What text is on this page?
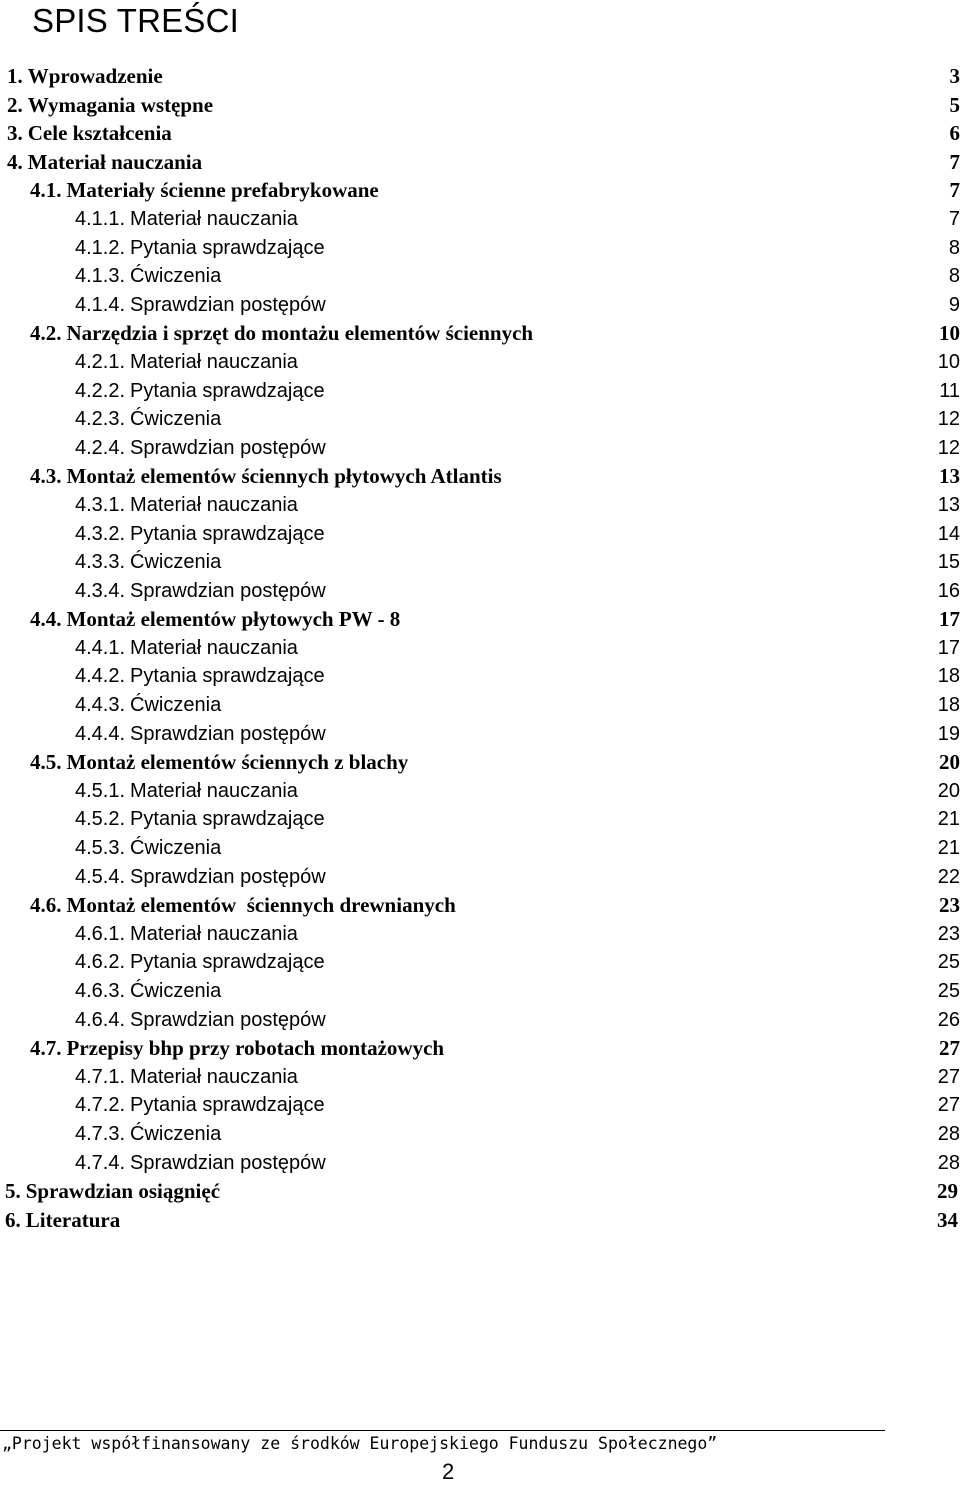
SPIS TREŚCI
1. Wprowadzenie	3
2. Wymagania wstępne	5
3. Cele kształcenia	6
4. Materiał nauczania	7
4.1. Materiały ścienne prefabrykowane	7
4.1.1. Materiał nauczania	7
4.1.2. Pytania sprawdzające	8
4.1.3. Ćwiczenia	8
4.1.4. Sprawdzian postępów	9
4.2. Narzędzia i sprzęt do montażu elementów ściennych	10
4.2.1. Materiał nauczania	10
4.2.2. Pytania sprawdzające	11
4.2.3. Ćwiczenia	12
4.2.4. Sprawdzian postępów	12
4.3. Montaż elementów ściennych płytowych Atlantis	13
4.3.1. Materiał nauczania	13
4.3.2. Pytania sprawdzające	14
4.3.3. Ćwiczenia	15
4.3.4. Sprawdzian postępów	16
4.4. Montaż elementów płytowych PW - 8	17
4.4.1. Materiał nauczania	17
4.4.2. Pytania sprawdzające	18
4.4.3. Ćwiczenia	18
4.4.4. Sprawdzian postępów	19
4.5. Montaż elementów ściennych z blachy	20
4.5.1. Materiał nauczania	20
4.5.2. Pytania sprawdzające	21
4.5.3. Ćwiczenia	21
4.5.4. Sprawdzian postępów	22
4.6. Montaż elementów  ściennych drewnianych	23
4.6.1. Materiał nauczania	23
4.6.2. Pytania sprawdzające	25
4.6.3. Ćwiczenia	25
4.6.4. Sprawdzian postępów	26
4.7. Przepisy bhp przy robotach montażowych	27
4.7.1. Materiał nauczania	27
4.7.2. Pytania sprawdzające	27
4.7.3. Ćwiczenia	28
4.7.4. Sprawdzian postępów	28
5. Sprawdzian osiągnięć	29
6. Literatura	34
„Projekt współfinansowany ze środków Europejskiego Funduszu Społecznego”
2
